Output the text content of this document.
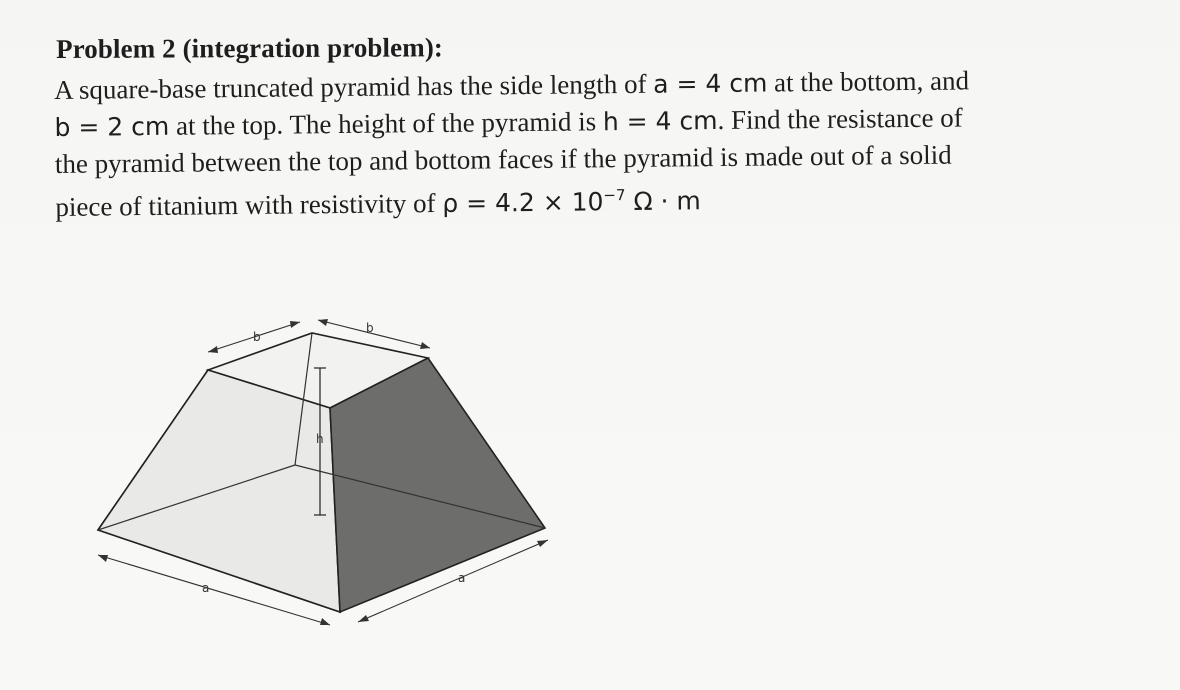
Problem 2 (integration problem):
A square-base truncated pyramid has the side length of a = 4 cm at the bottom, and
b = 2 cm at the top. The height of the pyramid is h = 4 cm. Find the resistance of
the pyramid between the top and bottom faces if the pyramid is made out of a solid
piece of titanium with resistivity of $\rho = 4.2 \times 10^{-7}$ Ω · m
h
b
b
a
a
